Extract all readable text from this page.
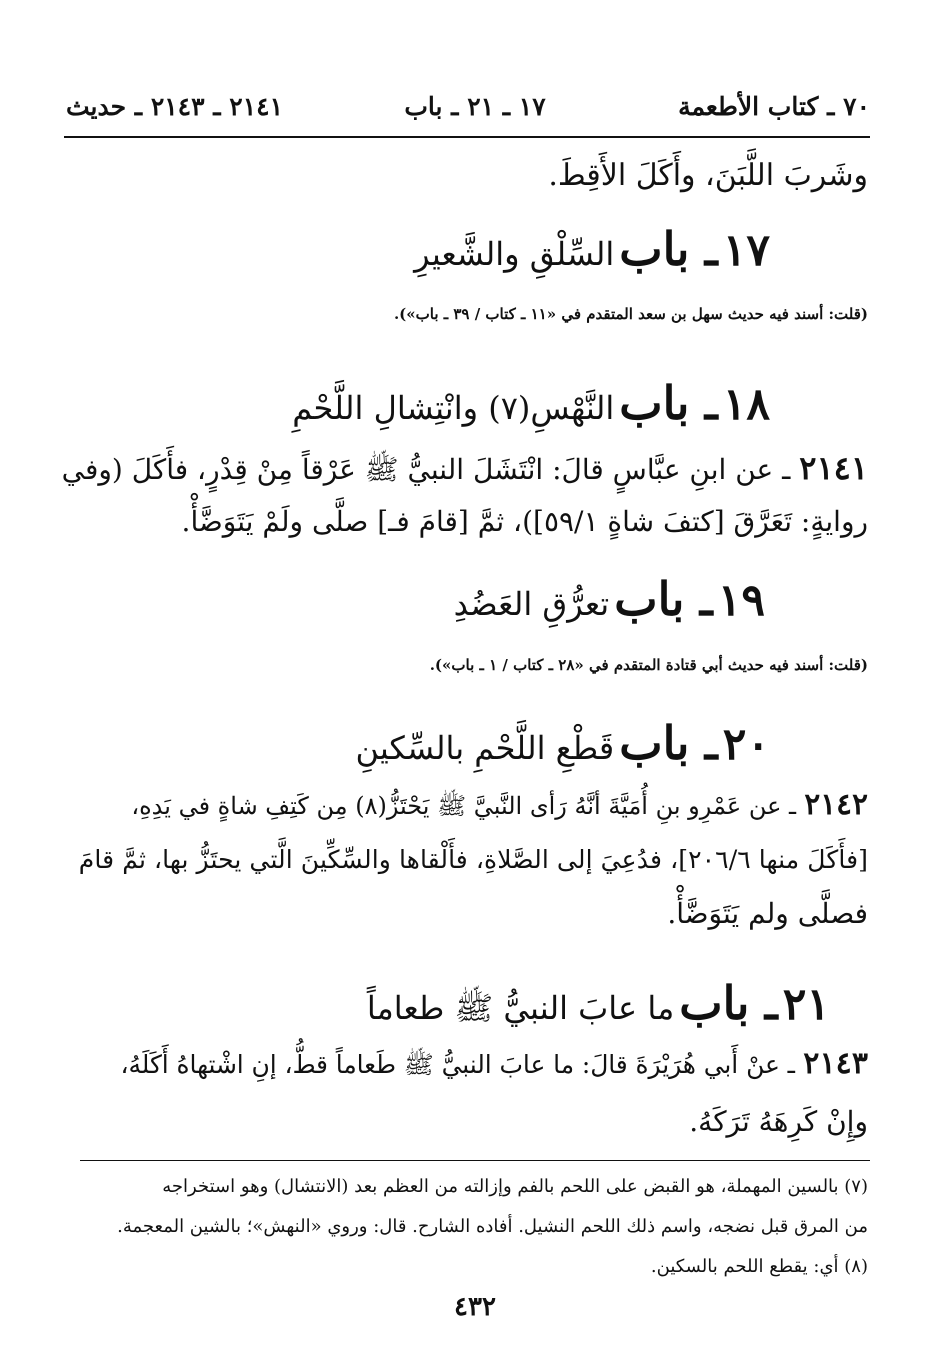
٧٠ ـ كتاب الأطعمة
١٧ ـ ٢١ ـ باب
٢١٤١ ـ ٢١٤٣ ـ حديث
وشَربَ اللَّبَنَ، وأَكَلَ الأَقِطَ.
١٧ ـ باب السِّلْقِ والشَّعيرِ
(قلت: أسند فيه حديث سهل بن سعد المتقدم في «١١ ـ كتاب / ٣٩ ـ باب»).
١٨ ـ باب النَّهْسِ(٧) وانْتِشالِ اللَّحْمِ
٢١٤١ ـ عن ابنِ عبَّاسٍ قالَ: انْتَشَلَ النبيُّ ﷺ عَرْقاً مِنْ قِدْرٍ، فأَكَلَ (وفي
روايةٍ: تَعَرَّقَ [كتفَ شاةٍ ٥٩/١])، ثمَّ [قامَ فـ] صلَّى ولَمْ يَتَوَضَّأْ.
١٩ ـ باب تعرُّقِ العَضُدِ
(قلت: أسند فيه حديث أبي قتادة المتقدم في «٢٨ ـ كتاب / ١ ـ باب»).
٢٠ ـ باب قَطْعِ اللَّحْمِ بالسِّكينِ
٢١٤٢ ـ عن عَمْرِو بنِ أُمَيَّةَ أنَّهُ رَأى النَّبيَّ ﷺ يَحْتَزُّ(٨) مِن كَتِفِ شاةٍ في يَدِهِ،
[فأَكَلَ منها ٢٠٦/٦]، فدُعِيَ إلى الصَّلاةِ، فأَلْقاها والسِّكِّينَ الَّتي يحتَزُّ بها، ثمَّ قامَ
فصلَّى ولم يَتَوَضَّأْ.
٢١ ـ باب ما عابَ النبيُّ ﷺ طعاماً
٢١٤٣ ـ عنْ أَبي هُرَيْرَةَ قالَ: ما عابَ النبيُّ ﷺ طَعاماً قطُّ، إنِ اشْتهاهُ أَكَلَهُ،
وإِنْ كَرِهَهُ تَرَكَهُ.
(٧) بالسين المهملة، هو القبض على اللحم بالفم وإزالته من العظم بعد (الانتشال) وهو استخراجه
من المرق قبل نضجه، واسم ذلك اللحم النشيل. أفاده الشارح. قال: وروي «النهش»؛ بالشين المعجمة.
(٨) أي: يقطع اللحم بالسكين.
٤٣٢
